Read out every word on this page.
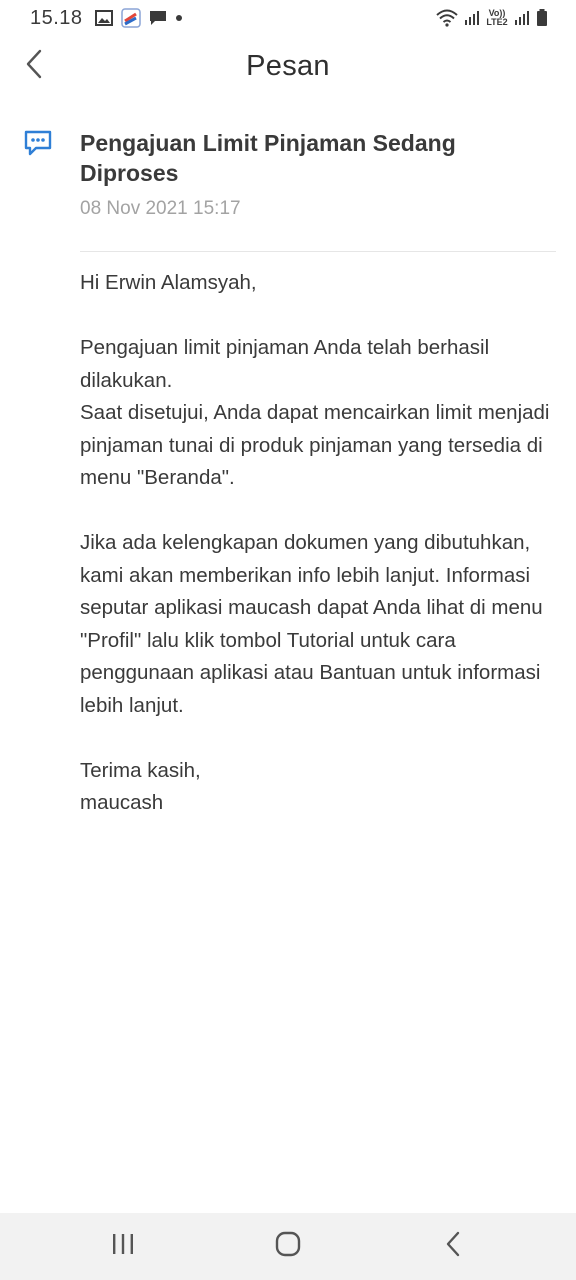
15.18	Vo)) LTE2
Pesan
Pengajuan Limit Pinjaman Sedang Diproses
08 Nov 2021 15:17

Hi Erwin Alamsyah,

Pengajuan limit pinjaman Anda telah berhasil dilakukan.

Saat disetujui, Anda dapat mencairkan limit menjadi pinjaman tunai di produk pinjaman yang tersedia di menu "Beranda".

Jika ada kelengkapan dokumen yang dibutuhkan, kami akan memberikan info lebih lanjut. Informasi seputar aplikasi maucash dapat Anda lihat di menu "Profil" lalu klik tombol Tutorial untuk cara penggunaan aplikasi atau Bantuan untuk informasi lebih lanjut.

Terima kasih,

maucash
